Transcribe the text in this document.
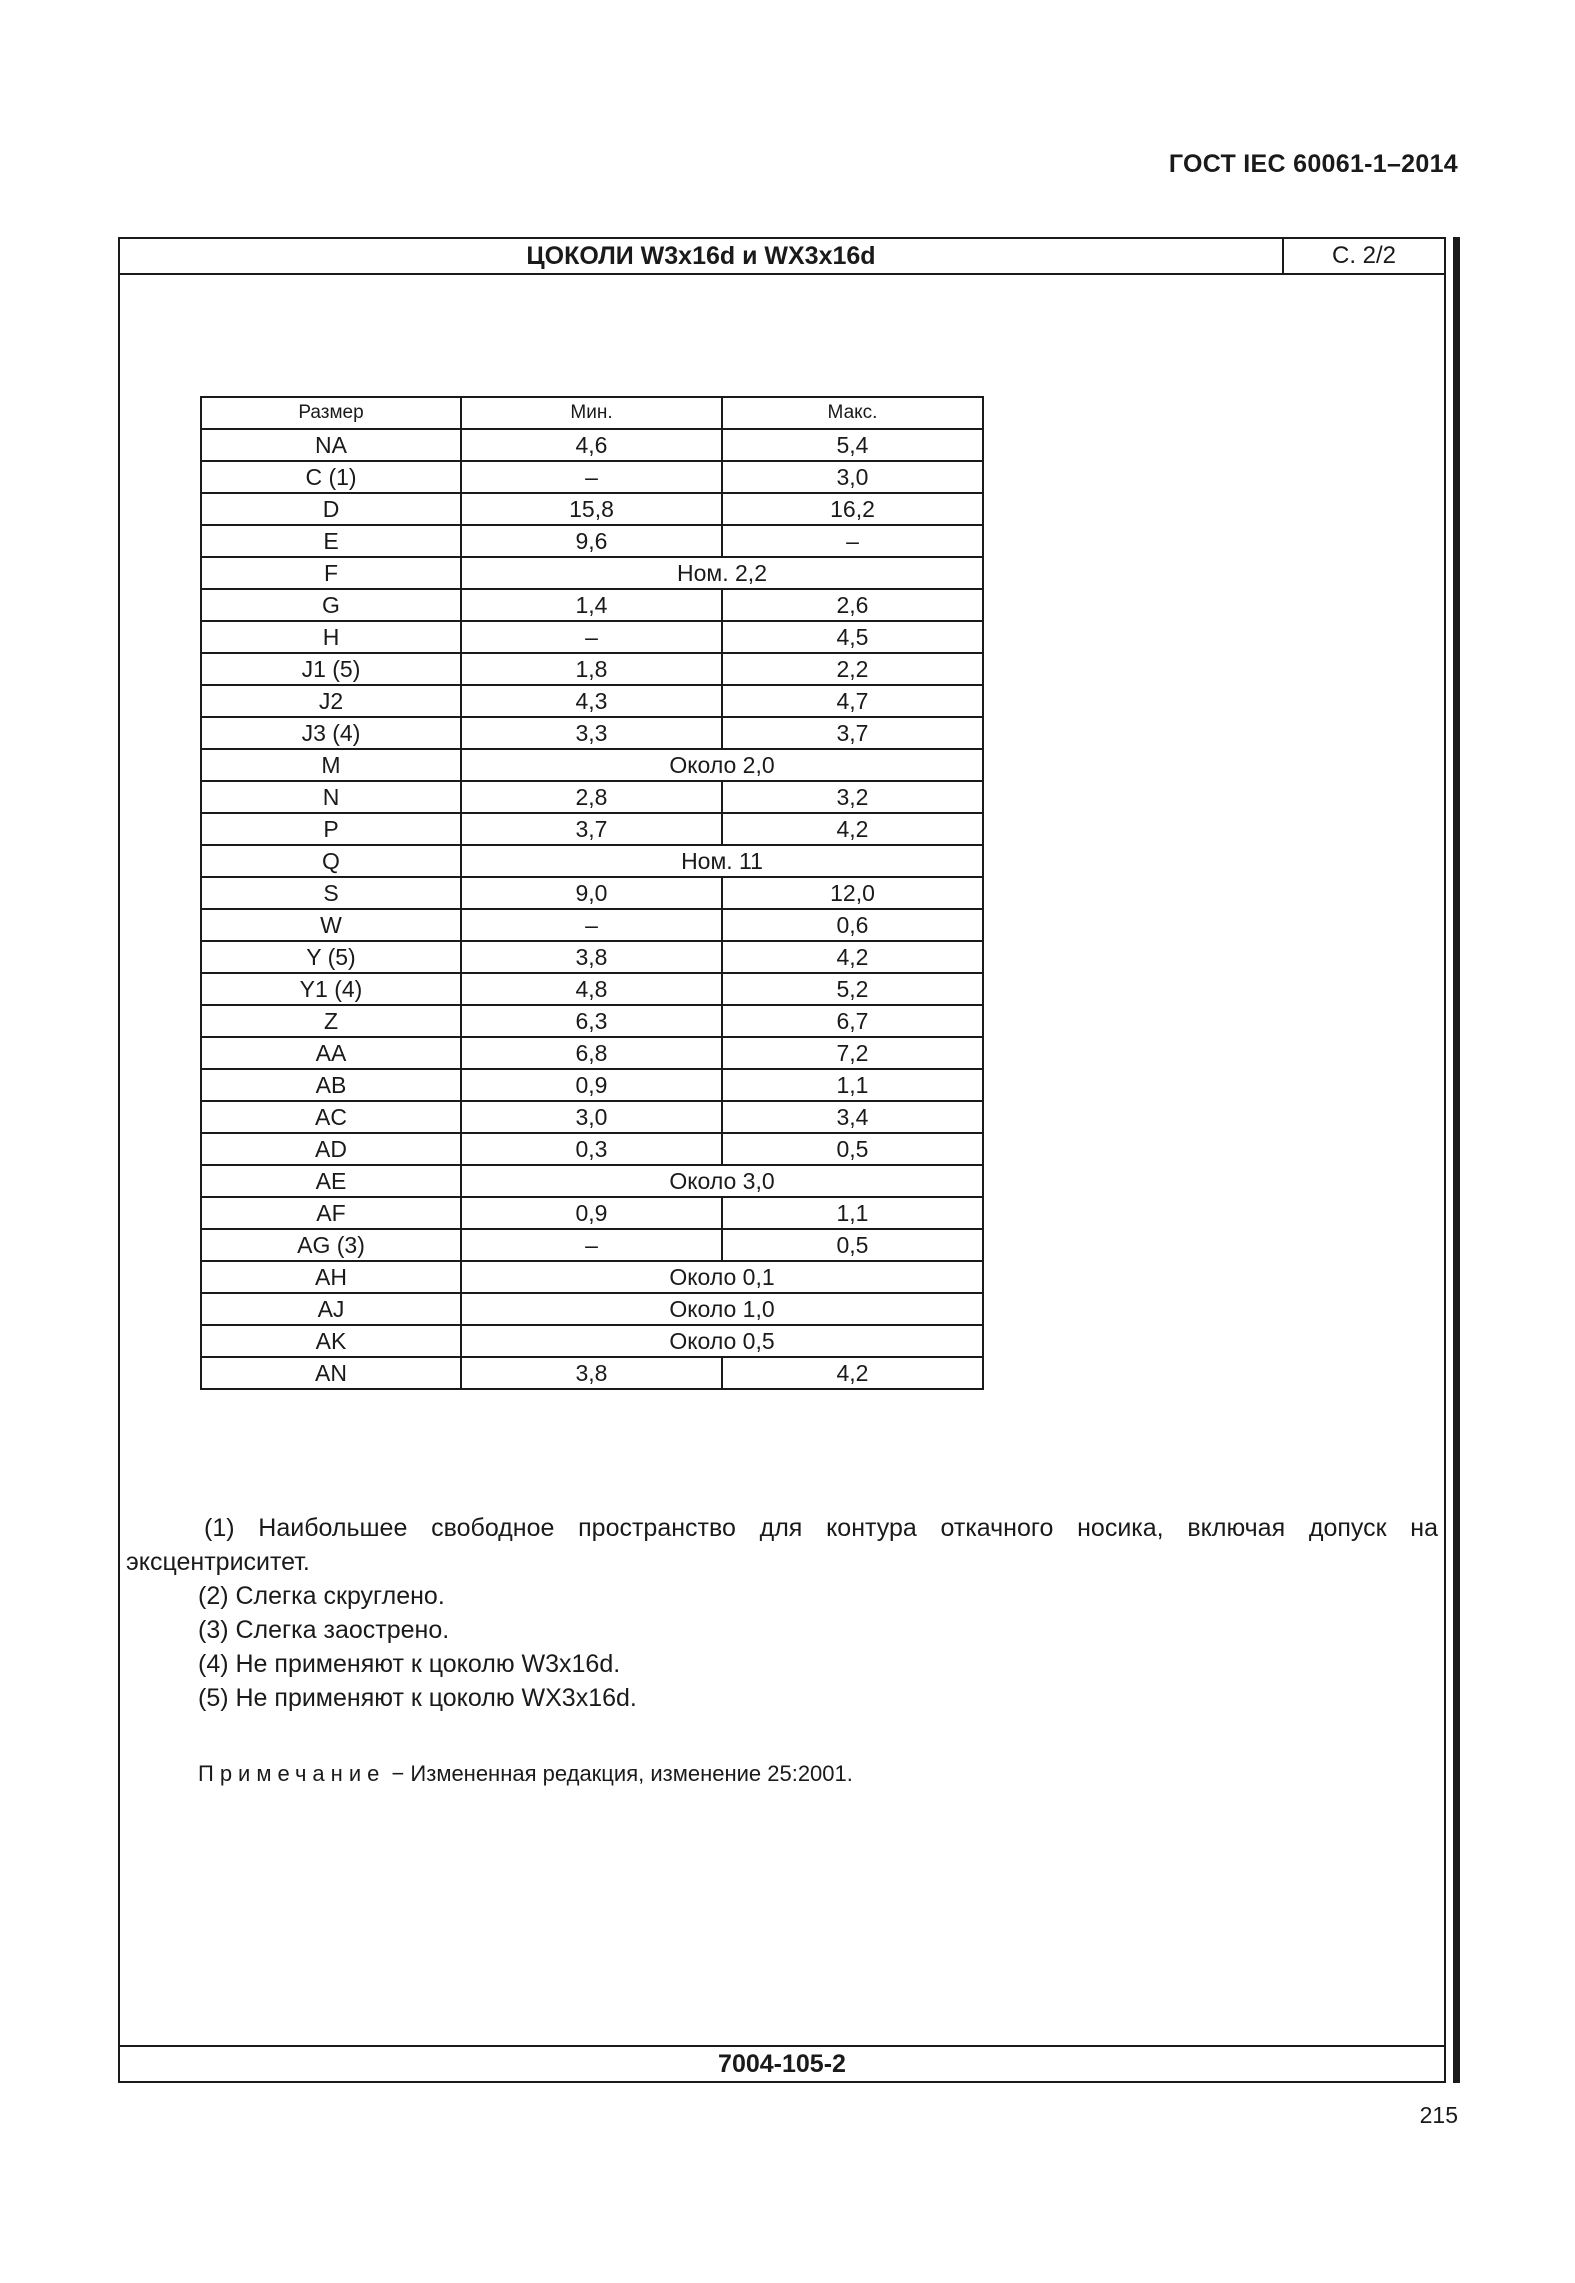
ГОСТ IEC 60061-1–2014
ЦОКОЛИ W3x16d и WX3x16d	С. 2/2
Размер	Мин.	Макс.
NA	4,6	5,4
C (1)	–	3,0
D	15,8	16,2
E	9,6	–
F	Ном. 2,2	
G	1,4	2,6
H	–	4,5
J1 (5)	1,8	2,2
J2	4,3	4,7
J3 (4)	3,3	3,7
M	Около 2,0	
N	2,8	3,2
P	3,7	4,2
Q	Ном. 11	
S	9,0	12,0
W	–	0,6
Y (5)	3,8	4,2
Y1 (4)	4,8	5,2
Z	6,3	6,7
AA	6,8	7,2
AB	0,9	1,1
AC	3,0	3,4
AD	0,3	0,5
AE	Около 3,0	
AF	0,9	1,1
AG (3)	–	0,5
AH	Около 0,1	
AJ	Около 1,0	
AK	Около 0,5	
AN	3,8	4,2

(1) Наибольшее свободное пространство для контура откачного носика, включая допуск на эксцентриситет.

(2) Слегка скруглено.

(3) Слегка заострено.

(4) Не применяют к цоколю W3x16d.

(5) Не применяют к цоколю WX3x16d.

Примечание − Измененная редакция, изменение 25:2001.
7004-105-2
215
